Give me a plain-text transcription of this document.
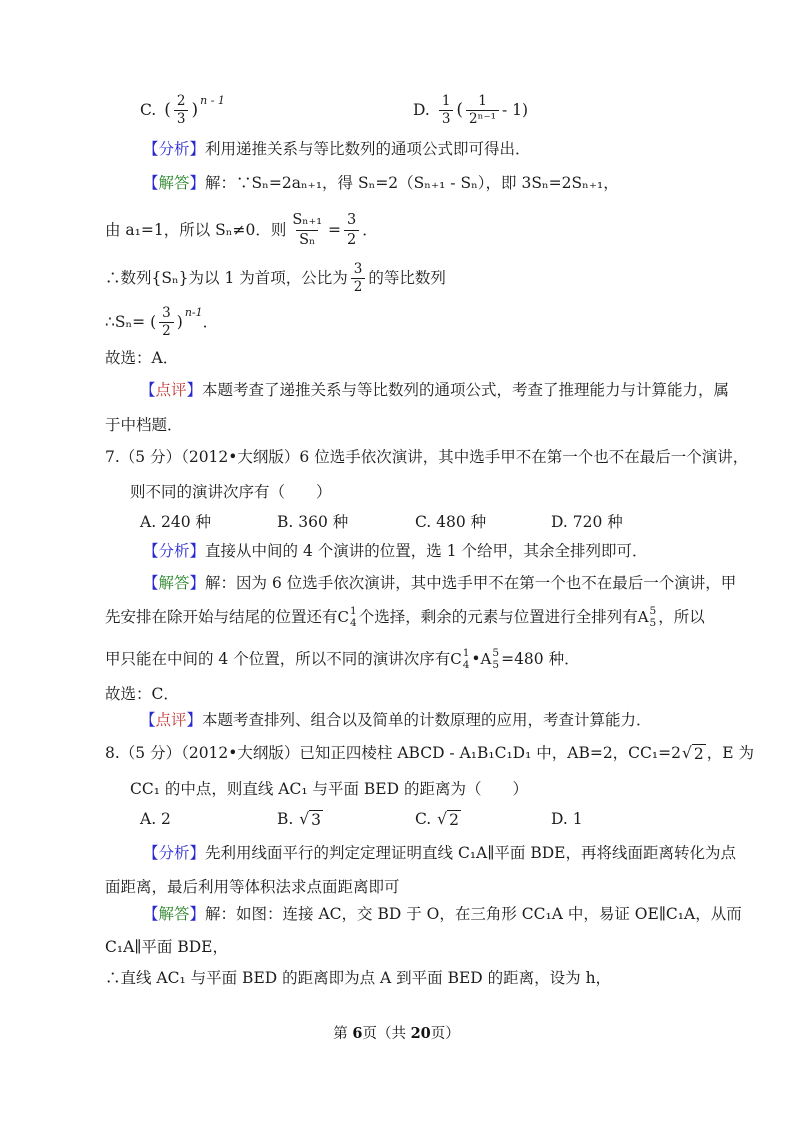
C. ( $\frac{2}{3}$ ) n - 1
D. $\frac{1}{3}$ ( $\frac{1}{\text{2ⁿ⁻¹}} - 1$)
【分析】利用递推关系与等比数列的通项公式即可得出．
【解答】解：∵Sₙ=2aₙ₊₁，得 Sₙ=2（Sₙ₊₁ - Sₙ），即 3Sₙ=2Sₙ₊₁，
由 a₁=1，所以 Sₙ≠0．则 $\frac{\text{Sₙ₊₁}}{\text{Sₙ}} = \frac{3}{2}$ ．
∴数列{Sₙ}为以 1 为首项，公比为 $\frac{3}{2}$ 的等比数列
∴Sₙ= ( $\frac{3}{2}$ )
n-1
．
故选：A．
【点评】本题考查了递推关系与等比数列的通项公式，考查了推理能力与计算能力，属
于中档题．
7.（5 分）（2012•大纲版）6 位选手依次演讲，其中选手甲不在第一个也不在最后一个演讲，
则不同的演讲次序有（　　）
A. 240 种	B. 360 种	C. 480 种	D. 720 种
【分析】直接从中间的 4 个演讲的位置，选 1 个给甲，其余全排列即可．
【解答】解：因为 6 位选手依次演讲，其中选手甲不在第一个也不在最后一个演讲，甲
先安排在除开始与结尾的位置还有 C 1
4 个选择，剩余的元素与位置进行全排列有 A 5
5 ，所以
甲只能在中间的 4 个位置，所以不同的演讲次序有 C 1
4 • A 5
5 =480 种．
故选：C．
【点评】本题考查排列、组合以及简单的计数原理的应用，考查计算能力．
8.（5 分）（2012•大纲版）已知正四棱柱 ABCD - A₁B₁C₁D₁ 中，AB=2，CC₁=2 √ 2 ，E 为
CC₁ 的中点，则直线 AC₁ 与平面 BED 的距离为（　　）
A. 2	B. √ 3	C. √ 2	D. 1
【分析】先利用线面平行的判定定理证明直线 C₁A∥平面 BDE，再将线面距离转化为点
面距离，最后利用等体积法求点面距离即可
【解答】解：如图：连接 AC，交 BD 于 O，在三角形 CC₁A 中，易证 OE∥C₁A，从而
C₁A∥平面 BDE，
∴直线 AC₁ 与平面 BED 的距离即为点 A 到平面 BED 的距离，设为 h，
第 6页（共 20页）
